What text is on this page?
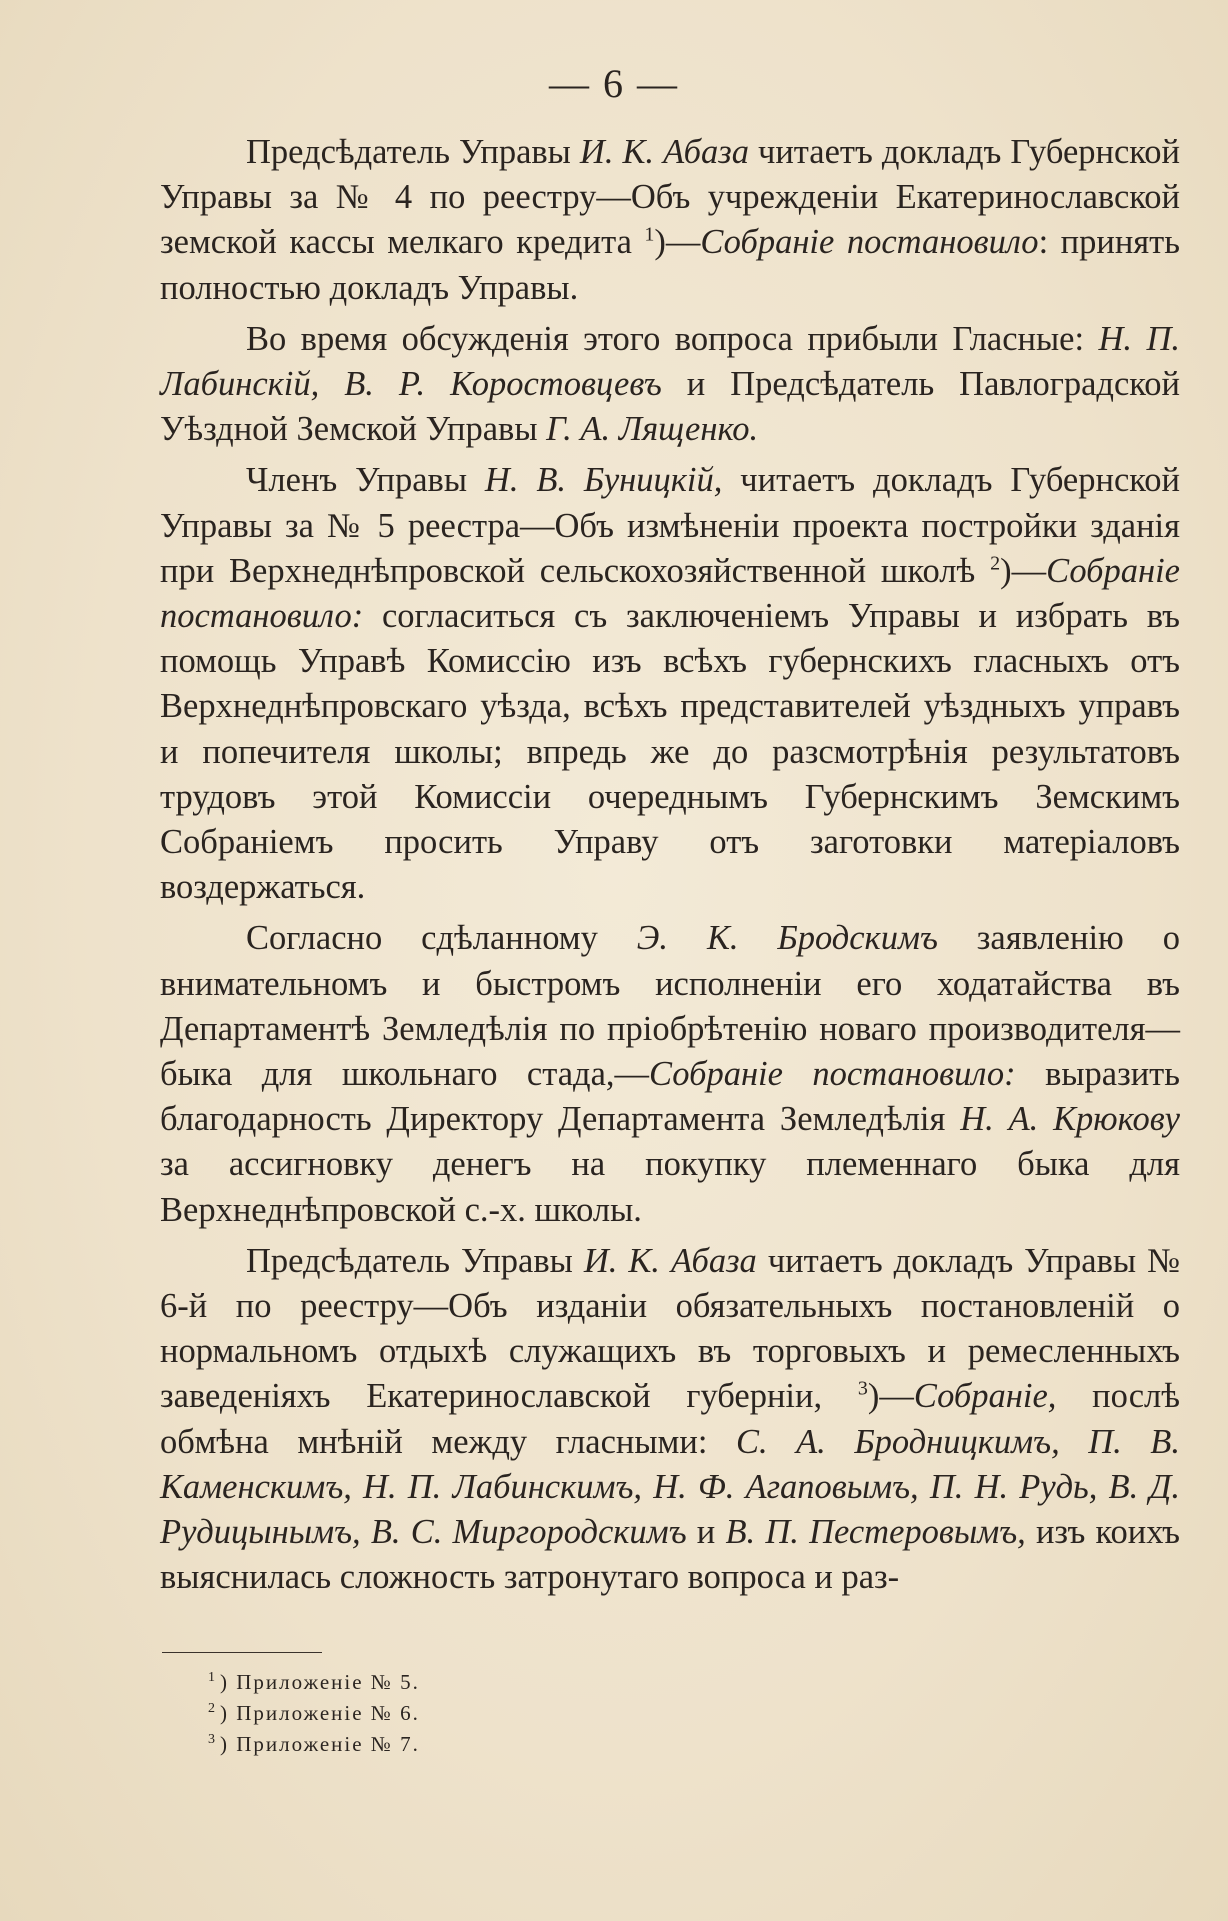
— 6 —

Предсѣдатель Управы И. К. Абаза читаетъ докладъ Губернской Управы за № 4 по реестру—Объ учрежденіи Екатеринославской земской кассы мелкаго кредита $^1$)—Собраніе постановило: принять полностью докладъ Управы.

Во время обсужденія этого вопроса прибыли Гласные: Н. П. Лабинскій, В. Р. Коростовцевъ и Предсѣдатель Павлоградской Уѣздной Земской Управы Г. А. Лященко.

Членъ Управы Н. В. Буницкій, читаетъ докладъ Губернской Управы за № 5 реестра—Объ измѣненіи проекта постройки зданія при Верхнеднѣпровской сельскохозяйственной школѣ $^2$)—Собраніе постановило: согласиться съ заключеніемъ Управы и избрать въ помощь Управѣ Комиссію изъ всѣхъ губернскихъ гласныхъ отъ Верхнеднѣпровскаго уѣзда, всѣхъ представителей уѣздныхъ управъ и попечителя школы; впредь же до разсмотрѣнія результатовъ трудовъ этой Комиссіи очереднымъ Губернскимъ Земскимъ Собраніемъ просить Управу отъ заготовки матеріаловъ воздержаться.

Согласно сдѣланному Э. К. Бродскимъ заявленію о внимательномъ и быстромъ исполненіи его ходатайства въ Департаментѣ Земледѣлія по пріобрѣтенію новаго производителя—быка для школьнаго стада,—Собраніе постановило: выразить благодарность Директору Департамента Земледѣлія Н. А. Крюкову за ассигновку денегъ на покупку племеннаго быка для Верхнеднѣпровской с.-х. школы.

Предсѣдатель Управы И. К. Абаза читаетъ докладъ Управы № 6-й по реестру—Объ изданіи обязательныхъ постановленій о нормальномъ отдыхѣ служащихъ въ торговыхъ и ремесленныхъ заведеніяхъ Екатеринославской губерніи, $^3$)—Собраніе, послѣ обмѣна мнѣній между гласными: С. А. Бродницкимъ, П. В. Каменскимъ, Н. П. Лабинскимъ, Н. Ф. Агаповымъ, П. Н. Рудь, В. Д. Рудицынымъ, В. С. Миргородскимъ и В. П. Пестеровымъ, изъ коихъ выяснилась сложность затронутаго вопроса и раз-

$^1$ ) Приложеніе № 5.
$^2$ ) Приложеніе № 6.
$^3$ ) Приложеніе № 7.
